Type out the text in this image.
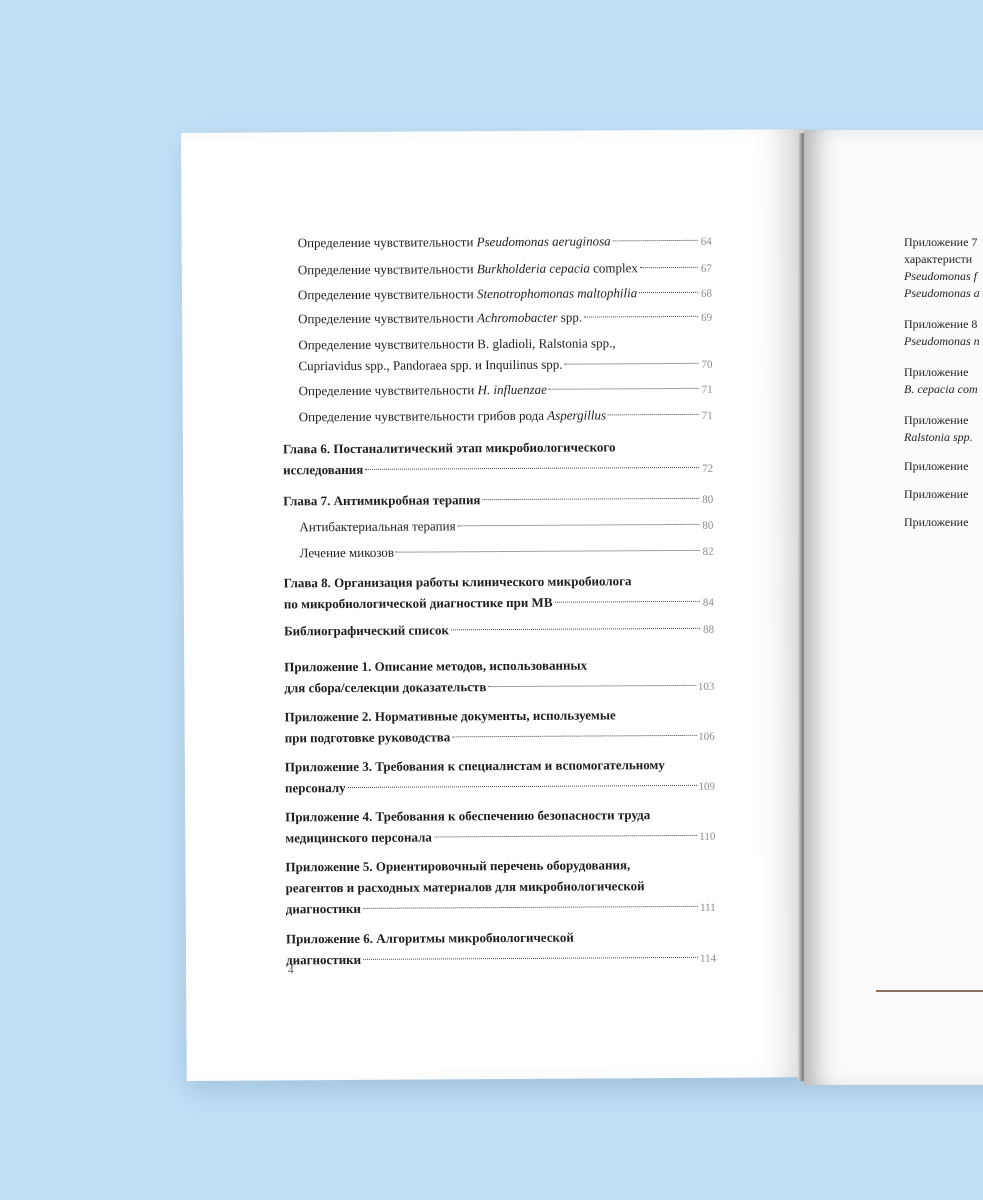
Определение чувствительности Pseudomonas aeruginosa	64
Определение чувствительности Burkholderia cepacia complex	67
Определение чувствительности Stenotrophomonas maltophilia	68
Определение чувствительности Achromobacter spp.	69
Определение чувствительности B. gladioli, Ralstonia spp.,
Cupriavidus spp., Pandoraea spp. и Inquilinus spp.	70
Определение чувствительности H. influenzae	71
Определение чувствительности грибов рода Aspergillus	71
Глава 6. Постаналитический этап микробиологического
исследования	72
Глава 7. Антимикробная терапия	80
Антибактериальная терапия	80
Лечение микозов	82
Глава 8. Организация работы клинического микробиолога
по микробиологической диагностике при МВ	84
Библиографический список	88
Приложение 1. Описание методов, использованных
для сбора/селекции доказательств	103
Приложение 2. Нормативные документы, используемые
при подготовке руководства	106
Приложение 3. Требования к специалистам и вспомогательному
персоналу	109
Приложение 4. Требования к обеспечению безопасности труда
медицинского персонала	110
Приложение 5. Ориентировочный перечень оборудования,
реагентов и расходных материалов для микробиологической
диагностики	111
Приложение 6. Алгоритмы микробиологической
диагностики	114
4
Приложение 7
характеристи
Pseudomonas f
Pseudomonas a
Приложение 8
Pseudomonas n
Приложение
B. cepacia com
Приложение
Ralstonia spp.
Приложение
Приложение
Приложение
